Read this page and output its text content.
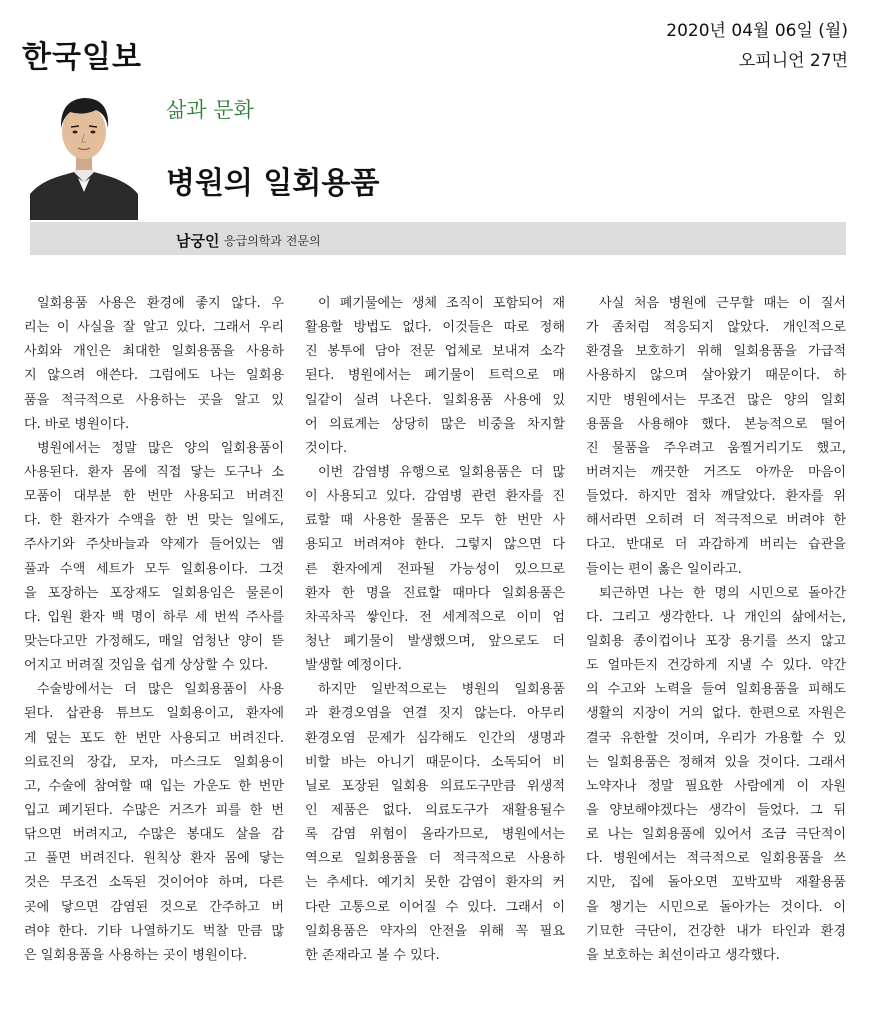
한국일보
2020년 04월 06일 (월)
오피니언 27면
삶과 문화
병원의 일회용품
남궁인 응급의학과 전문의
일회용품 사용은 환경에 좋지 않다. 우
리는 이 사실을 잘 알고 있다. 그래서 우리
사회와 개인은 최대한 일회용품을 사용하
지 않으려 애쓴다. 그럼에도 나는 일회용
품을 적극적으로 사용하는 곳을 알고 있
다. 바로 병원이다.
병원에서는 정말 많은 양의 일회용품이
사용된다. 환자 몸에 직접 닿는 도구나 소
모품이 대부분 한 번만 사용되고 버려진
다. 한 환자가 수액을 한 번 맞는 일에도,
주사기와 주삿바늘과 약제가 들어있는 앰
풀과 수액 세트가 모두 일회용이다. 그것
을 포장하는 포장재도 일회용임은 물론이
다. 입원 환자 백 명이 하루 세 번씩 주사를
맞는다고만 가정해도, 매일 엄청난 양이 뜯
어지고 버려질 것임을 쉽게 상상할 수 있다.
수술방에서는 더 많은 일회용품이 사용
된다. 삽관용 튜브도 일회용이고, 환자에
게 덮는 포도 한 번만 사용되고 버려진다.
의료진의 장갑, 모자, 마스크도 일회용이
고, 수술에 참여할 때 입는 가운도 한 번만
입고 폐기된다. 수많은 거즈가 피를 한 번
닦으면 버려지고, 수많은 봉대도 살을 감
고 풀면 버려진다. 원칙상 환자 몸에 닿는
것은 무조건 소독된 것이어야 하며, 다른
곳에 닿으면 감염된 것으로 간주하고 버
려야 한다. 기타 나열하기도 벅찰 만큼 많
은 일회용품을 사용하는 곳이 병원이다.
이 폐기물에는 생체 조직이 포함되어 재
활용할 방법도 없다. 이것들은 따로 정해
진 봉투에 담아 전문 업체로 보내져 소각
된다. 병원에서는 폐기물이 트럭으로 매
일같이 실려 나온다. 일회용품 사용에 있
어 의료계는 상당히 많은 비중을 차지할
것이다.
이번 감염병 유행으로 일회용품은 더 많
이 사용되고 있다. 감염병 관련 환자를 진
료할 때 사용한 물품은 모두 한 번만 사
용되고 버려져야 한다. 그렇지 않으면 다
른 환자에게 전파될 가능성이 있으므로
환자 한 명을 진료할 때마다 일회용품은
차곡차곡 쌓인다. 전 세계적으로 이미 엄
청난 폐기물이 발생했으며, 앞으로도 더
발생할 예정이다.
하지만 일반적으로는 병원의 일회용품
과 환경오염을 연결 짓지 않는다. 아무리
환경오염 문제가 심각해도 인간의 생명과
비할 바는 아니기 때문이다. 소독되어 비
닐로 포장된 일회용 의료도구만큼 위생적
인 제품은 없다. 의료도구가 재활용될수
록 감염 위험이 올라가므로, 병원에서는
역으로 일회용품을 더 적극적으로 사용하
는 추세다. 예기치 못한 감염이 환자의 커
다란 고통으로 이어질 수 있다. 그래서 이
일회용품은 약자의 안전을 위해 꼭 필요
한 존재라고 볼 수 있다.
사실 처음 병원에 근무할 때는 이 질서
가 좀처럼 적응되지 않았다. 개인적으로
환경을 보호하기 위해 일회용품을 가급적
사용하지 않으며 살아왔기 때문이다. 하
지만 병원에서는 무조건 많은 양의 일회
용품을 사용해야 했다. 본능적으로 떨어
진 물품을 주우려고 움찔거리기도 했고,
버려지는 깨끗한 거즈도 아까운 마음이
들었다. 하지만 점차 깨달았다. 환자를 위
해서라면 오히려 더 적극적으로 버려야 한
다고. 반대로 더 과감하게 버리는 습관을
들이는 편이 옳은 일이라고.
퇴근하면 나는 한 명의 시민으로 돌아간
다. 그리고 생각한다. 나 개인의 삶에서는,
일회용 종이컵이나 포장 용기를 쓰지 않고
도 얼마든지 건강하게 지낼 수 있다. 약간
의 수고와 노력을 들여 일회용품을 피해도
생활의 지장이 거의 없다. 한편으로 자원은
결국 유한할 것이며, 우리가 가용할 수 있
는 일회용품은 정해져 있을 것이다. 그래서
노약자나 정말 필요한 사람에게 이 자원
을 양보해야겠다는 생각이 들었다. 그 뒤
로 나는 일회용품에 있어서 조금 극단적이
다. 병원에서는 적극적으로 일회용품을 쓰
지만, 집에 돌아오면 꼬박꼬박 재활용품
을 챙기는 시민으로 돌아가는 것이다. 이
기묘한 극단이, 건강한 내가 타인과 환경
을 보호하는 최선이라고 생각했다.
